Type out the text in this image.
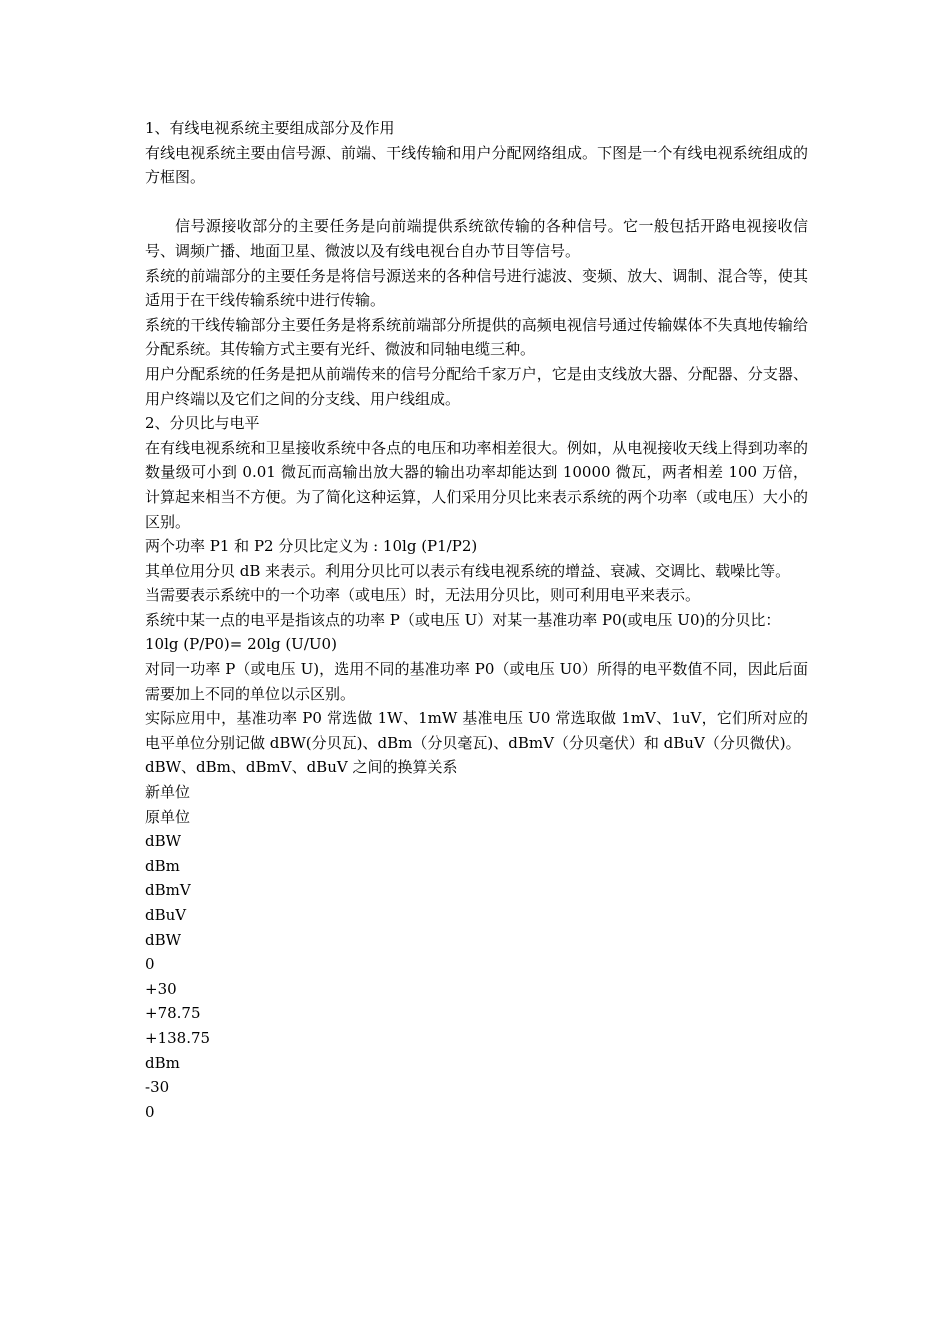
1、有线电视系统主要组成部分及作用

有线电视系统主要由信号源、前端、干线传输和用户分配网络组成。下图是一个有线电视系统组成的方框图。

信号源接收部分的主要任务是向前端提供系统欲传输的各种信号。它一般包括开路电视接收信号、调频广播、地面卫星、微波以及有线电视台自办节目等信号。

系统的前端部分的主要任务是将信号源送来的各种信号进行滤波、变频、放大、调制、混合等，使其适用于在干线传输系统中进行传输。

系统的干线传输部分主要任务是将系统前端部分所提供的高频电视信号通过传输媒体不失真地传输给分配系统。其传输方式主要有光纤、微波和同轴电缆三种。

用户分配系统的任务是把从前端传来的信号分配给千家万户，它是由支线放大器、分配器、分支器、用户终端以及它们之间的分支线、用户线组成。

2、分贝比与电平

在有线电视系统和卫星接收系统中各点的电压和功率相差很大。例如，从电视接收天线上得到功率的数量级可小到 0.01 微瓦而高输出放大器的输出功率却能达到 10000 微瓦，两者相差 100 万倍，计算起来相当不方便。为了简化这种运算，人们采用分贝比来表示系统的两个功率（或电压）大小的区别。

两个功率 P1 和 P2 分贝比定义为 : 10lg (P1/P2)

其单位用分贝 dB 来表示。利用分贝比可以表示有线电视系统的增益、衰减、交调比、载噪比等。

当需要表示系统中的一个功率（或电压）时，无法用分贝比，则可利用电平来表示。

系统中某一点的电平是指该点的功率 P（或电压 U）对某一基准功率 P0(或电压 U0)的分贝比：

10lg (P/P0)= 20lg (U/U0)

对同一功率 P（或电压 U)，选用不同的基准功率 P0（或电压 U0）所得的电平数值不同，因此后面需要加上不同的单位以示区别。

实际应用中，基准功率 P0 常选做 1W、1mW 基准电压 U0 常选取做 1mV、1uV，它们所对应的电平单位分别记做 dBW(分贝瓦)、dBm（分贝毫瓦)、dBmV（分贝毫伏）和 dBuV（分贝微伏)。

dBW、dBm、dBmV、dBuV 之间的换算关系

新单位

原单位

dBW

dBm

dBmV

dBuV

dBW

0

+30

+78.75

+138.75

dBm

-30

0
